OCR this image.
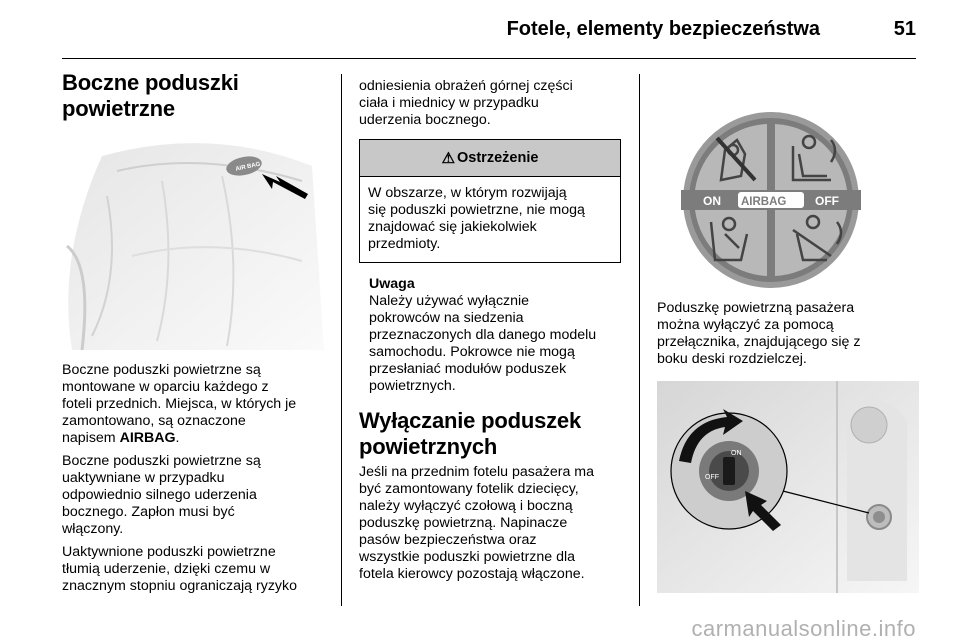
Fotele, elementy bezpieczeństwa	51
Boczne poduszki
powietrzne
AIR BAG

Boczne poduszki powietrzne są
montowane w oparciu każdego z
foteli przednich. Miejsca, w których je
zamontowano, są oznaczone
napisem AIRBAG.

Boczne poduszki powietrzne są
uaktywniane w przypadku
odpowiednio silnego uderzenia
bocznego. Zapłon musi być
włączony.

Uaktywnione poduszki powietrzne
tłumią uderzenie, dzięki czemu w
znacznym stopniu ograniczają ryzyko

odniesienia obrażeń górnej części
ciała i miednicy w przypadku
uderzenia bocznego.

⚠ Ostrzeżenie
W obszarze, w którym rozwijają
się poduszki powietrzne, nie mogą
znajdować się jakiekolwiek
przedmioty.

Uwaga

Należy używać wyłącznie
pokrowców na siedzenia
przeznaczonych dla danego modelu
samochodu. Pokrowce nie mogą
przesłaniać modułów poduszek
powietrznych.

Wyłączanie poduszek
powietrznych

Jeśli na przednim fotelu pasażera ma
być zamontowany fotelik dziecięcy,
należy wyłączyć czołową i boczną
poduszkę powietrzną. Napinacze
pasów bezpieczeństwa oraz
wszystkie poduszki powietrzne dla
fotela kierowcy pozostają włączone.

ON AIRBAG OFF

Poduszkę powietrzną pasażera
można wyłączyć za pomocą
przełącznika, znajdującego się z
boku deski rozdzielczej.

ON
OFF
carmanualsonline.info
